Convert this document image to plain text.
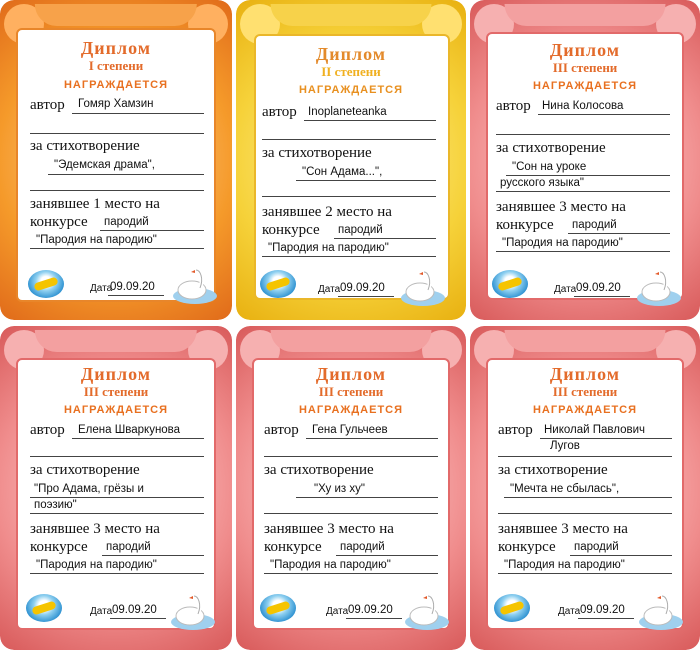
Диплом
I степени
НАГРАЖДАЕТСЯ
автор Гомяр Хамзин
за стихотворение
"Эдемская драма",
занявшее 1 место на
конкурсе пародий
"Пародия на пародию"
Дата
09.09.20
Диплом
II степени
НАГРАЖДАЕТСЯ
автор Inoplaneteanka
за стихотворение
"Сон Адама...",
занявшее 2 место на
конкурсе пародий
"Пародия на пародию"
Дата 09.09.20
Диплом
III степени
НАГРАЖДАЕТСЯ
автор Нина Колосова
за стихотворение
"Сон на уроке
русского языка"
занявшее 3 место на
конкурсе пародий
"Пародия на пародию"
Дата 09.09.20
Диплом
III степени
НАГРАЖДАЕТСЯ
автор Елена Шваркунова
за стихотворение
"Про Адама, грёзы и
поэзию"
занявшее 3 место на
конкурсе пародий
"Пародия на пародию"
Дата 09.09.20
Диплом
III степени
НАГРАЖДАЕТСЯ
автор Гена Гульчеев
за стихотворение
"Ху из ху"
занявшее 3 место на
конкурсе пародий
"Пародия на пародию"
Дата 09.09.20
Диплом
III степени
НАГРАЖДАЕТСЯ
автор Николай Павлович
Лугов
за стихотворение
"Мечта не сбылась",
занявшее 3 место на
конкурсе пародий
"Пародия на пародию"
Дата 09.09.20
